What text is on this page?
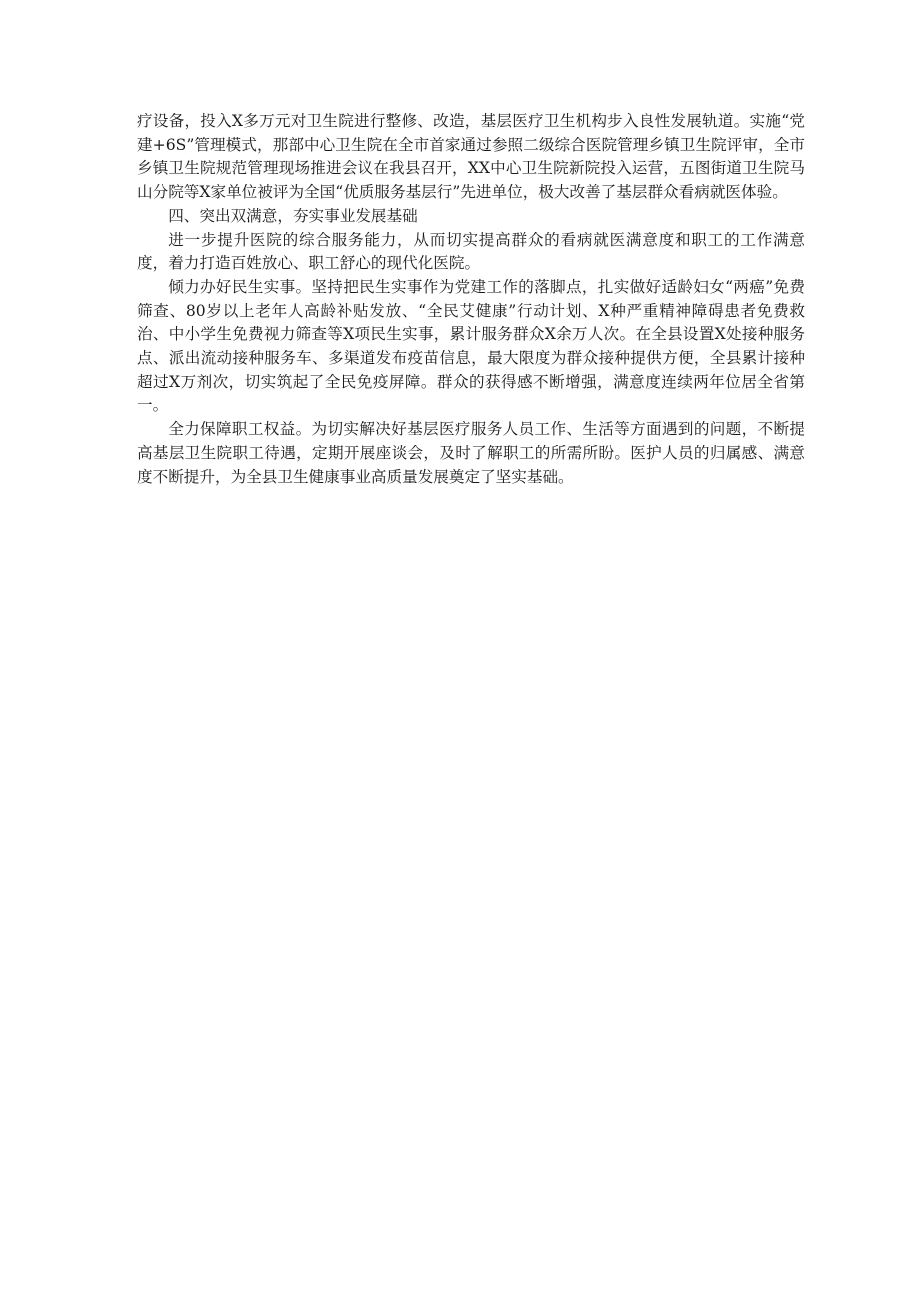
疗设备，投入X多万元对卫生院进行整修、改造，基层医疗卫生机构步入良性发展轨道。实施“党建+6S”管理模式，那部中心卫生院在全市首家通过参照二级综合医院管理乡镇卫生院评审，全市乡镇卫生院规范管理现场推进会议在我县召开，XX中心卫生院新院投入运营，五图街道卫生院马山分院等X家单位被评为全国“优质服务基层行”先进单位，极大改善了基层群众看病就医体验。

四、突出双满意，夯实事业发展基础

进一步提升医院的综合服务能力，从而切实提高群众的看病就医满意度和职工的工作满意度，着力打造百姓放心、职工舒心的现代化医院。

倾力办好民生实事。坚持把民生实事作为党建工作的落脚点，扎实做好适龄妇女“两癌”免费筛查、80岁以上老年人高龄补贴发放、“全民艾健康”行动计划、X种严重精神障碍患者免费救治、中小学生免费视力筛查等X项民生实事，累计服务群众X余万人次。在全县设置X处接种服务点、派出流动接种服务车、多渠道发布疫苗信息，最大限度为群众接种提供方便，全县累计接种超过X万剂次，切实筑起了全民免疫屏障。群众的获得感不断增强，满意度连续两年位居全省第一。

全力保障职工权益。为切实解决好基层医疗服务人员工作、生活等方面遇到的问题，不断提高基层卫生院职工待遇，定期开展座谈会，及时了解职工的所需所盼。医护人员的归属感、满意度不断提升，为全县卫生健康事业高质量发展奠定了坚实基础。
